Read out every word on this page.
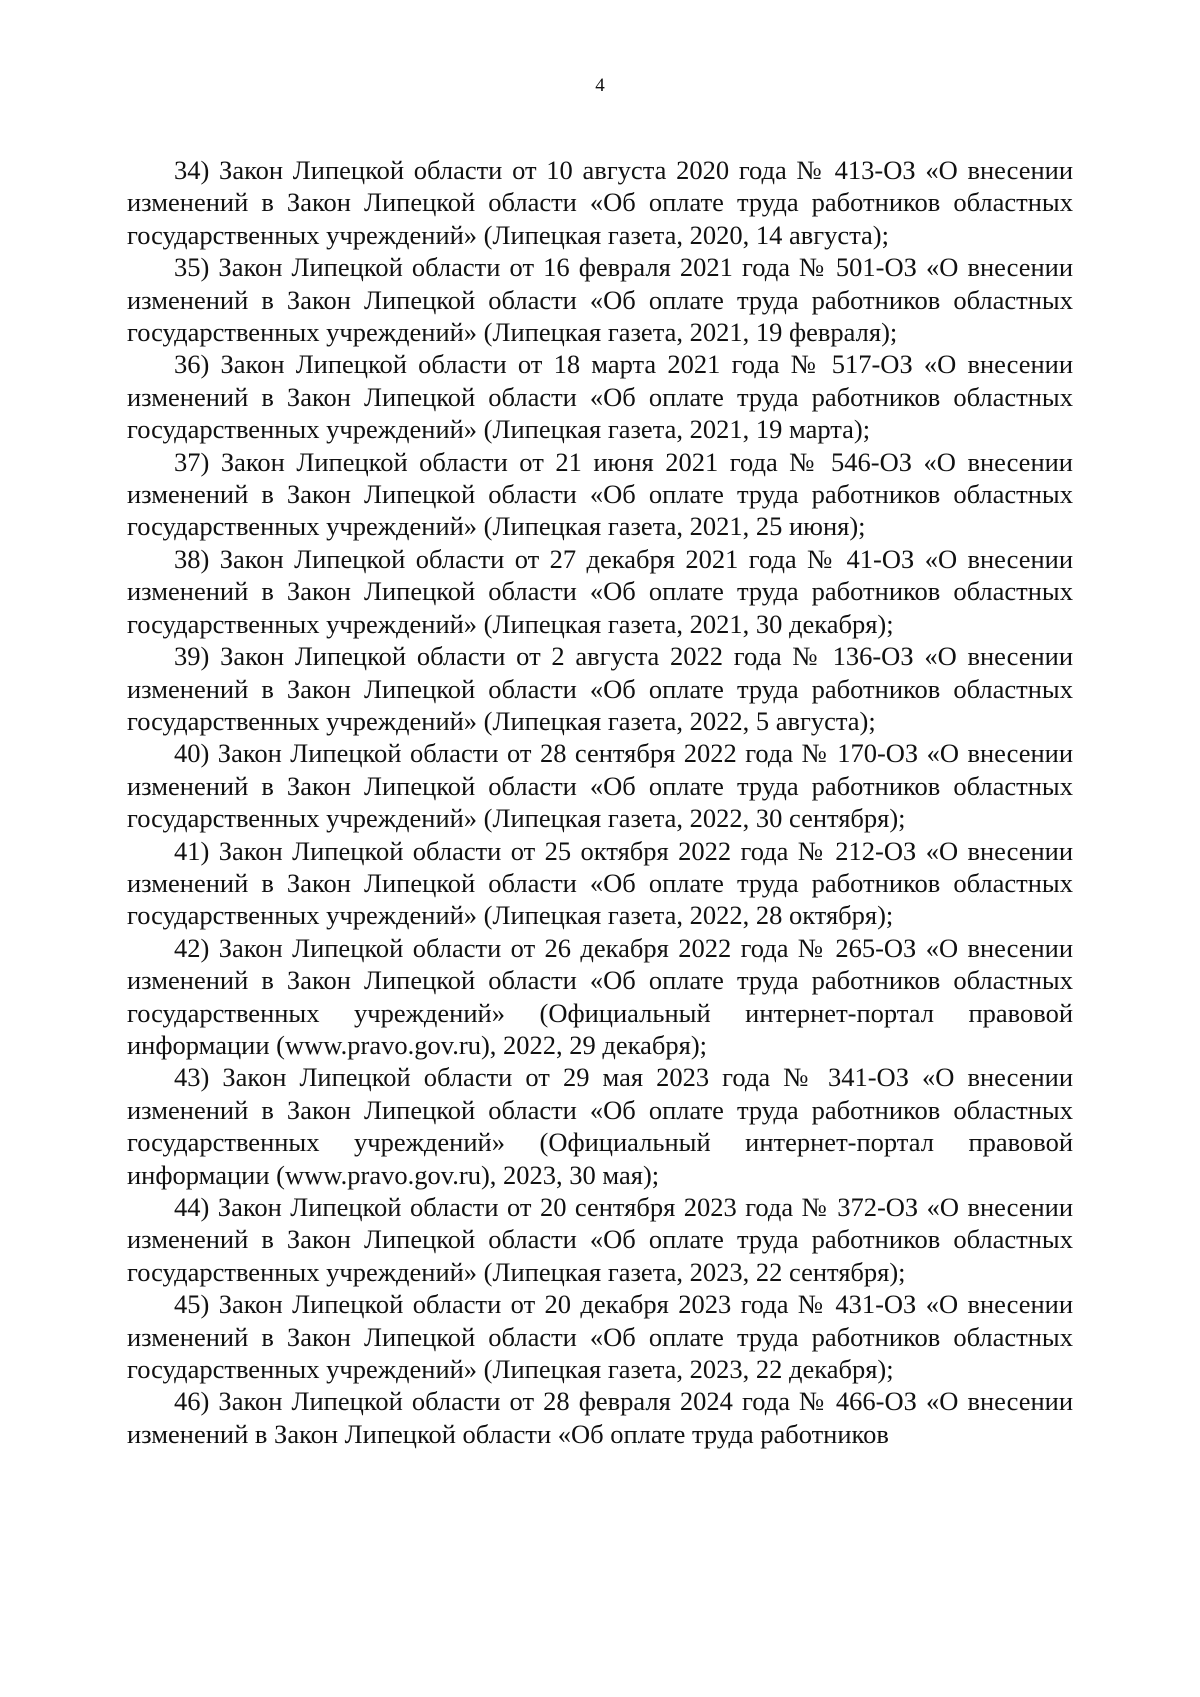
4

34) Закон Липецкой области от 10 августа 2020 года № 413-ОЗ «О внесении изменений в Закон Липецкой области «Об оплате труда работников областных государственных учреждений» (Липецкая газета, 2020, 14 августа);

35) Закон Липецкой области от 16 февраля 2021 года № 501-ОЗ «О внесении изменений в Закон Липецкой области «Об оплате труда работников областных государственных учреждений» (Липецкая газета, 2021, 19 февраля);

36) Закон Липецкой области от 18 марта 2021 года № 517-ОЗ «О внесении изменений в Закон Липецкой области «Об оплате труда работников областных государственных учреждений» (Липецкая газета, 2021, 19 марта);

37) Закон Липецкой области от 21 июня 2021 года № 546-ОЗ «О внесении изменений в Закон Липецкой области «Об оплате труда работников областных государственных учреждений» (Липецкая газета, 2021, 25 июня);

38) Закон Липецкой области от 27 декабря 2021 года № 41-ОЗ «О внесении изменений в Закон Липецкой области «Об оплате труда работников областных государственных учреждений» (Липецкая газета, 2021, 30 декабря);

39) Закон Липецкой области от 2 августа 2022 года № 136-ОЗ «О внесении изменений в Закон Липецкой области «Об оплате труда работников областных государственных учреждений» (Липецкая газета, 2022, 5 августа);

40) Закон Липецкой области от 28 сентября 2022 года № 170-ОЗ «О внесении изменений в Закон Липецкой области «Об оплате труда работников областных государственных учреждений» (Липецкая газета, 2022, 30 сентября);

41) Закон Липецкой области от 25 октября 2022 года № 212-ОЗ «О внесении изменений в Закон Липецкой области «Об оплате труда работников областных государственных учреждений» (Липецкая газета, 2022, 28 октября);

42) Закон Липецкой области от 26 декабря 2022 года № 265-ОЗ «О внесении изменений в Закон Липецкой области «Об оплате труда работников областных государственных учреждений» (Официальный интернет-портал правовой информации (www.pravo.gov.ru), 2022, 29 декабря);

43) Закон Липецкой области от 29 мая 2023 года № 341-ОЗ «О внесении изменений в Закон Липецкой области «Об оплате труда работников областных государственных учреждений» (Официальный интернет-портал правовой информации (www.pravo.gov.ru), 2023, 30 мая);

44) Закон Липецкой области от 20 сентября 2023 года № 372-ОЗ «О внесении изменений в Закон Липецкой области «Об оплате труда работников областных государственных учреждений» (Липецкая газета, 2023, 22 сентября);

45) Закон Липецкой области от 20 декабря 2023 года № 431-ОЗ «О внесении изменений в Закон Липецкой области «Об оплате труда работников областных государственных учреждений» (Липецкая газета, 2023, 22 декабря);

46) Закон Липецкой области от 28 февраля 2024 года № 466-ОЗ «О внесении изменений в Закон Липецкой области «Об оплате труда работников
